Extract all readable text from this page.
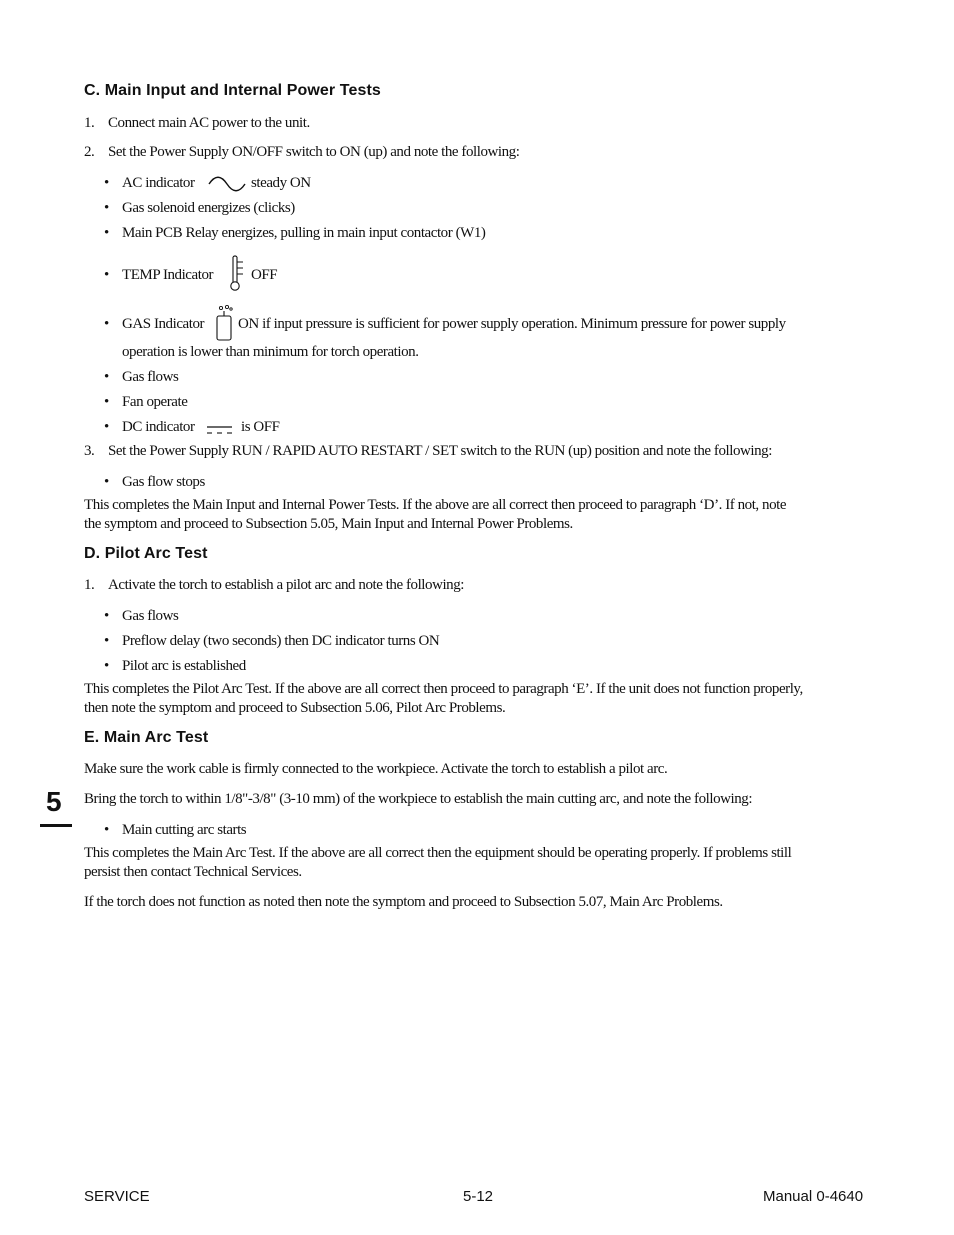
C. Main Input and Internal Power Tests
1. Connect main AC power to the unit.
2. Set the Power Supply ON/OFF switch to ON (up) and note the following:
AC indicator	steady ON
Gas solenoid energizes (clicks)
Main PCB Relay energizes, pulling in main input contactor (W1)
TEMP Indicator	OFF
GAS Indicator ON if input pressure is sufficient for power supply operation. Minimum pressure for power supply
operation is lower than minimum for torch operation.
Gas flows
Fan operate
DC indicator	is OFF
3. Set the Power Supply RUN / RAPID AUTO RESTART / SET switch to the RUN (up) position and note the following:
Gas flow stops
This completes the Main Input and Internal Power Tests. If the above are all correct then proceed to paragraph ‘D’. If not, note
the symptom and proceed to Subsection 5.05, Main Input and Internal Power Problems.
D. Pilot Arc Test
1. Activate the torch to establish a pilot arc and note the following:
Gas flows
Preflow delay (two seconds) then DC indicator turns ON
Pilot arc is established
This completes the Pilot Arc Test. If the above are all correct then proceed to paragraph ‘E’. If the unit does not function properly,
then note the symptom and proceed to Subsection 5.06, Pilot Arc Problems.
E. Main Arc Test
Make sure the work cable is firmly connected to the workpiece. Activate the torch to establish a pilot arc.
Bring the torch to within 1/8"-3/8" (3-10 mm) of the workpiece to establish the main cutting arc, and note the following:
Main cutting arc starts
This completes the Main Arc Test. If the above are all correct then the equipment should be operating properly. If problems still
persist then contact Technical Services.
If the torch does not function as noted then note the symptom and proceed to Subsection 5.07, Main Arc Problems.
5
SERVICE	5-12	Manual 0-4640
